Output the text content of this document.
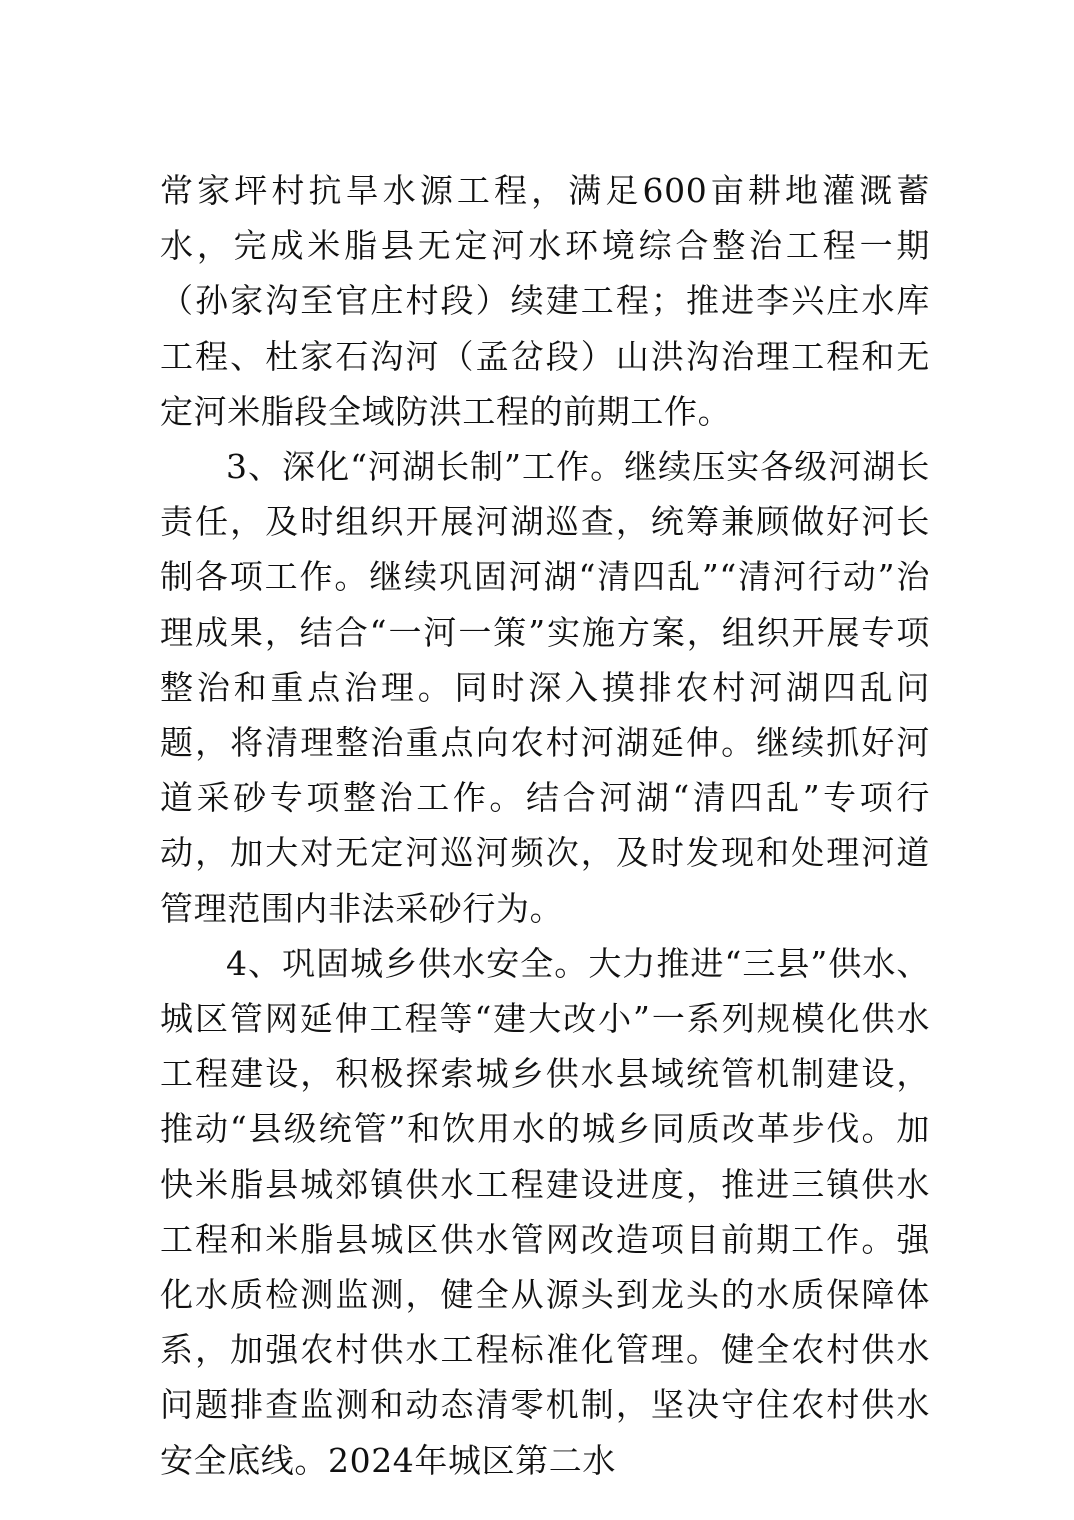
常家坪村抗旱水源工程，满足600亩耕地灌溉蓄水，完成米脂县无定河水环境综合整治工程一期（孙家沟至官庄村段）续建工程；推进李兴庄水库工程、杜家石沟河（孟岔段）山洪沟治理工程和无定河米脂段全域防洪工程的前期工作。

3、深化“河湖长制”工作。继续压实各级河湖长责任，及时组织开展河湖巡查，统筹兼顾做好河长制各项工作。继续巩固河湖“清四乱”“清河行动”治理成果，结合“一河一策”实施方案，组织开展专项整治和重点治理。同时深入摸排农村河湖四乱问题，将清理整治重点向农村河湖延伸。继续抓好河道采砂专项整治工作。结合河湖“清四乱”专项行动，加大对无定河巡河频次，及时发现和处理河道管理范围内非法采砂行为。

4、巩固城乡供水安全。大力推进“三县”供水、城区管网延伸工程等“建大改小”一系列规模化供水工程建设，积极探索城乡供水县域统管机制建设，推动“县级统管”和饮用水的城乡同质改革步伐。加快米脂县城郊镇供水工程建设进度，推进三镇供水工程和米脂县城区供水管网改造项目前期工作。强化水质检测监测，健全从源头到龙头的水质保障体系，加强农村供水工程标准化管理。健全农村供水问题排查监测和动态清零机制，坚决守住农村供水安全底线。2024年城区第二水
